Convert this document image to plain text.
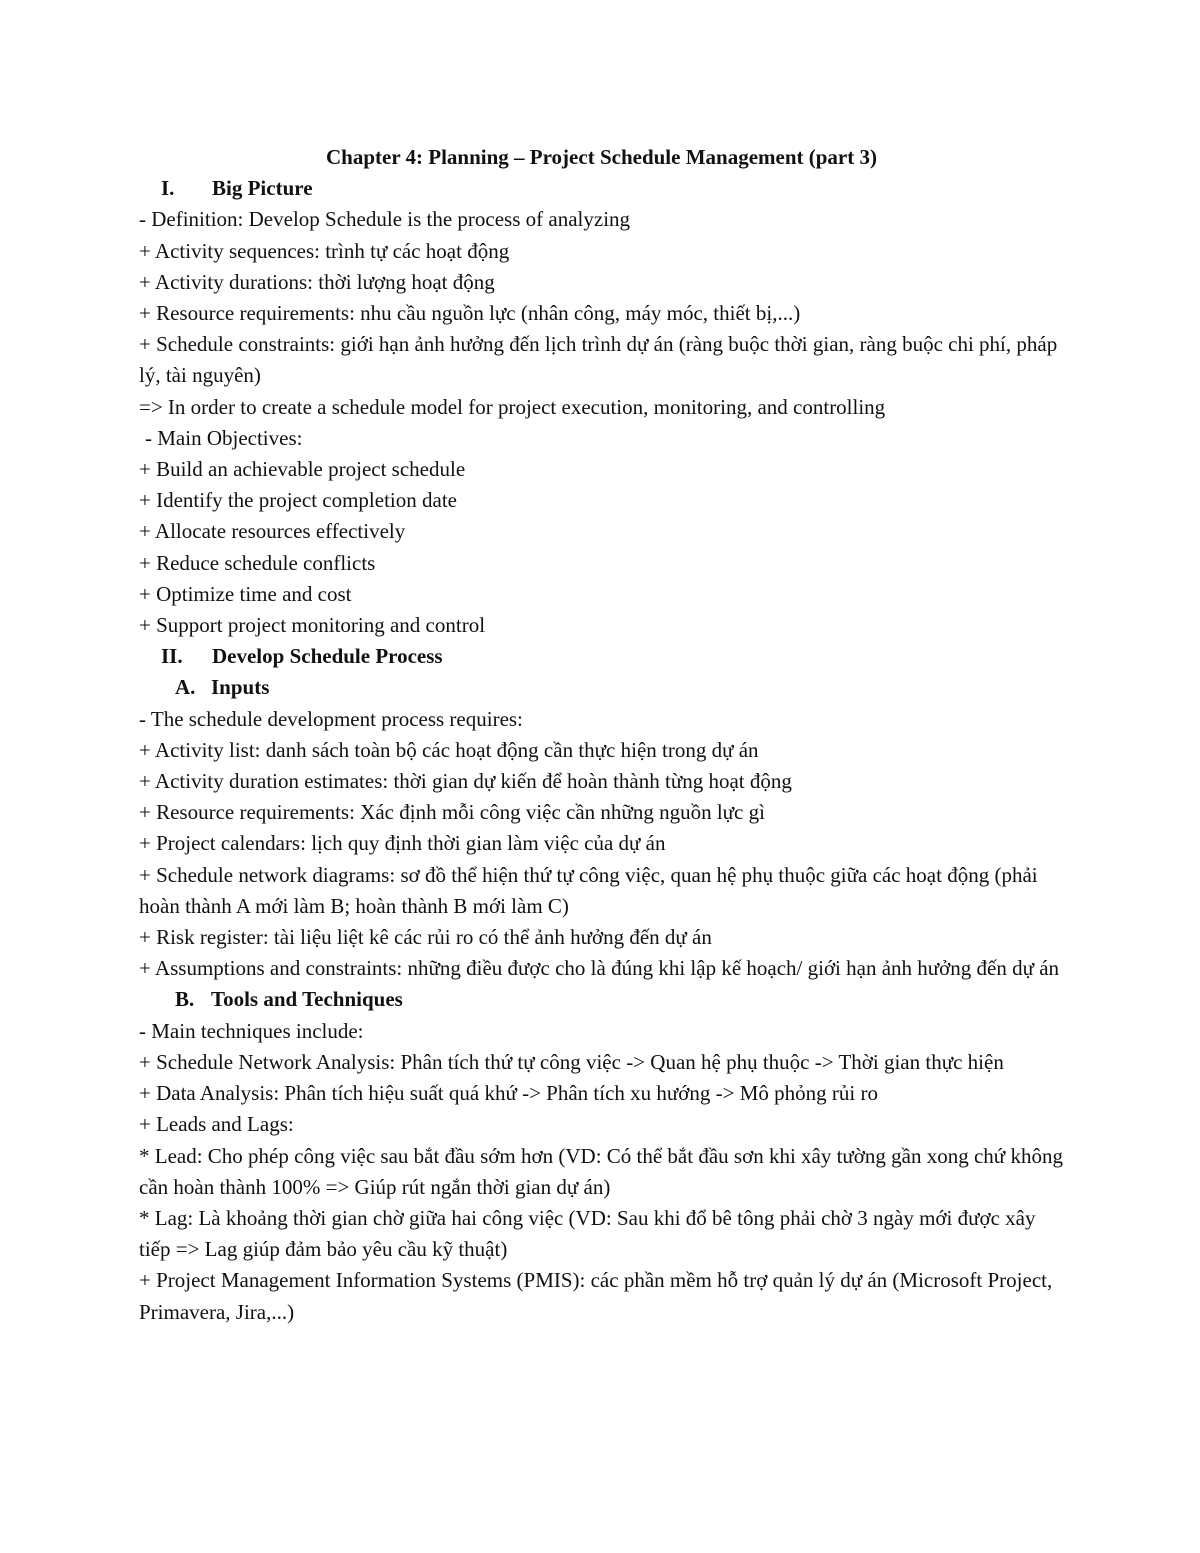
Chapter 4: Planning – Project Schedule Management (part 3)

I.	Big Picture

- Definition: Develop Schedule is the process of analyzing

+ Activity sequences: trình tự các hoạt động

+ Activity durations: thời lượng hoạt động

+ Resource requirements: nhu cầu nguồn lực (nhân công, máy móc, thiết bị,...)

+ Schedule constraints: giới hạn ảnh hưởng đến lịch trình dự án (ràng buộc thời gian, ràng buộc chi phí, pháp lý, tài nguyên)

=> In order to create a schedule model for project execution, monitoring, and controlling

- Main Objectives:

+ Build an achievable project schedule

+ Identify the project completion date

+ Allocate resources effectively

+ Reduce schedule conflicts

+ Optimize time and cost

+ Support project monitoring and control

II.	Develop Schedule Process

A. Inputs

- The schedule development process requires:

+ Activity list: danh sách toàn bộ các hoạt động cần thực hiện trong dự án

+ Activity duration estimates: thời gian dự kiến để hoàn thành từng hoạt động

+ Resource requirements: Xác định mỗi công việc cần những nguồn lực gì

+ Project calendars: lịch quy định thời gian làm việc của dự án

+ Schedule network diagrams: sơ đồ thể hiện thứ tự công việc, quan hệ phụ thuộc giữa các hoạt động (phải hoàn thành A mới làm B; hoàn thành B mới làm C)

+ Risk register: tài liệu liệt kê các rủi ro có thể ảnh hưởng đến dự án

+ Assumptions and constraints: những điều được cho là đúng khi lập kế hoạch/ giới hạn ảnh hưởng đến dự án

B. Tools and Techniques

- Main techniques include:

+ Schedule Network Analysis: Phân tích thứ tự công việc -> Quan hệ phụ thuộc -> Thời gian thực hiện

+ Data Analysis: Phân tích hiệu suất quá khứ -> Phân tích xu hướng -> Mô phỏng rủi ro

+ Leads and Lags:

* Lead: Cho phép công việc sau bắt đầu sớm hơn (VD: Có thể bắt đầu sơn khi xây tường gần xong chứ không cần hoàn thành 100% => Giúp rút ngắn thời gian dự án)

* Lag: Là khoảng thời gian chờ giữa hai công việc (VD: Sau khi đổ bê tông phải chờ 3 ngày mới được xây tiếp => Lag giúp đảm bảo yêu cầu kỹ thuật)

+ Project Management Information Systems (PMIS): các phần mềm hỗ trợ quản lý dự án (Microsoft Project, Primavera, Jira,...)
